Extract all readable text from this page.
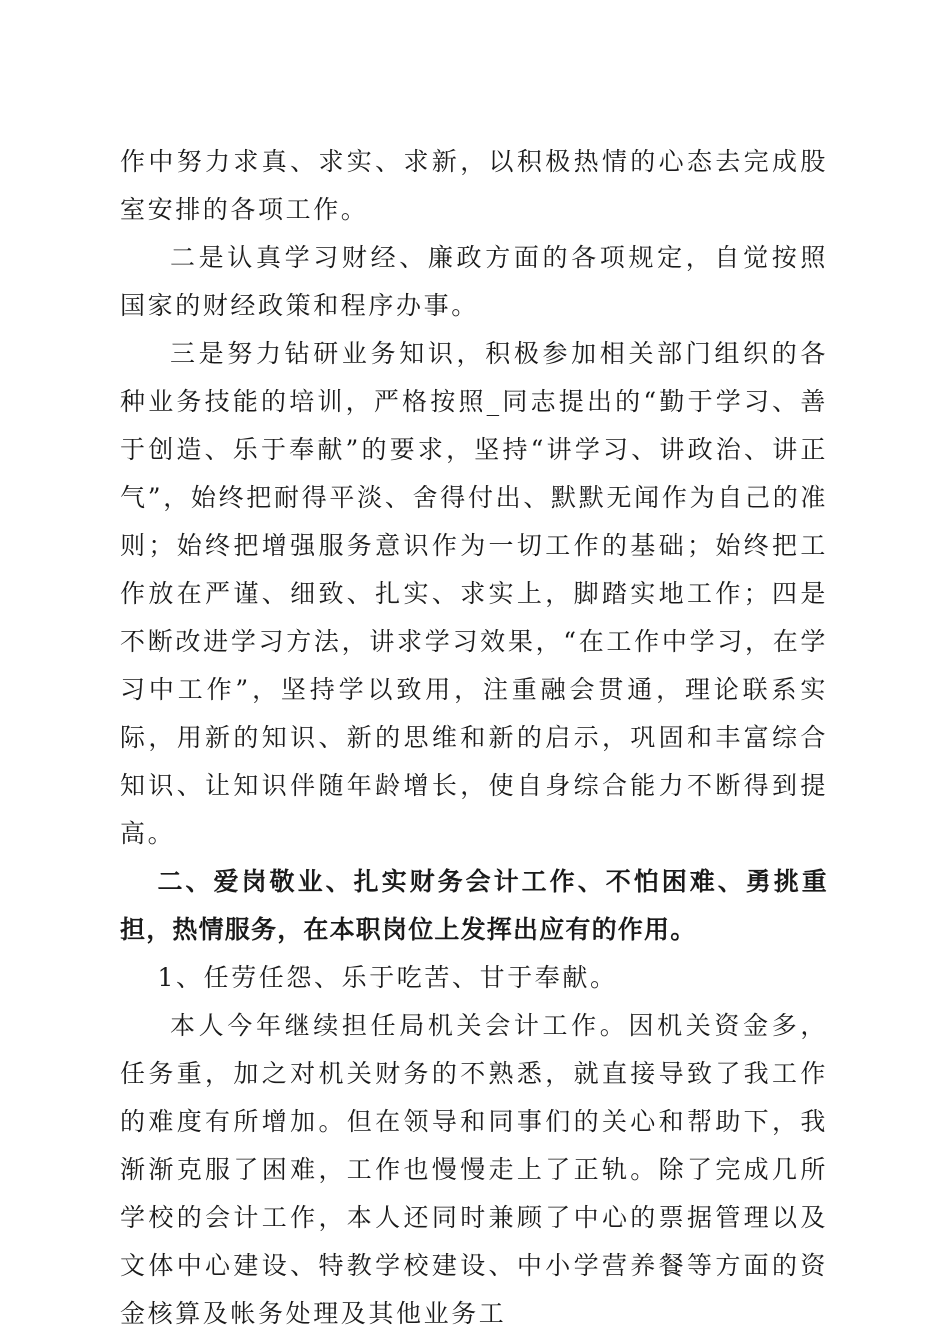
作中努力求真、求实、求新，以积极热情的心态去完成股室安排的各项工作。

二是认真学习财经、廉政方面的各项规定，自觉按照国家的财经政策和程序办事。

三是努力钻研业务知识，积极参加相关部门组织的各种业务技能的培训，严格按照_同志提出的“勤于学习、善于创造、乐于奉献”的要求，坚持“讲学习、讲政治、讲正气”，始终把耐得平淡、舍得付出、默默无闻作为自己的准则；始终把增强服务意识作为一切工作的基础；始终把工作放在严谨、细致、扎实、求实上，脚踏实地工作；四是不断改进学习方法，讲求学习效果，“在工作中学习，在学习中工作”，坚持学以致用，注重融会贯通，理论联系实际，用新的知识、新的思维和新的启示，巩固和丰富综合知识、让知识伴随年龄增长，使自身综合能力不断得到提高。

二、爱岗敬业、扎实财务会计工作、不怕困难、勇挑重担，热情服务，在本职岗位上发挥出应有的作用。

1、任劳任怨、乐于吃苦、甘于奉献。

本人今年继续担任局机关会计工作。因机关资金多，任务重，加之对机关财务的不熟悉，就直接导致了我工作的难度有所增加。但在领导和同事们的关心和帮助下，我渐渐克服了困难，工作也慢慢走上了正轨。除了完成几所学校的会计工作，本人还同时兼顾了中心的票据管理以及文体中心建设、特教学校建设、中小学营养餐等方面的资金核算及帐务处理及其他业务工
